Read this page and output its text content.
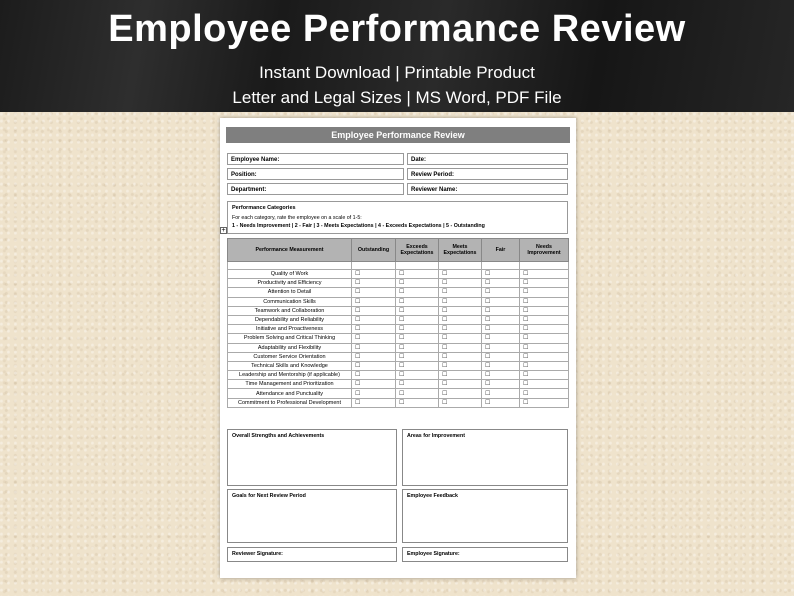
Employee Performance Review
Instant Download | Printable Product
Letter and Legal Sizes | MS Word, PDF File
Employee Performance Review
Employee Name:	Date:
Position:	Review Period:
Department:	Reviewer Name:
Performance Categories
For each category, rate the employee on a scale of 1-5:
1 - Needs Improvement | 2 - Fair | 3 - Meets Expectations | 4 - Exceeds Expectations | 5 - Outstanding
+
Performance Measurement	Outstanding	Exceeds Expectations	Meets Expectations	Fair	Needs Improvement

Quality of Work	☐	☐	☐	☐	☐
Productivity and Efficiency	☐	☐	☐	☐	☐
Attention to Detail	☐	☐	☐	☐	☐
Communication Skills	☐	☐	☐	☐	☐
Teamwork and Collaboration	☐	☐	☐	☐	☐
Dependability and Reliability	☐	☐	☐	☐	☐
Initiative and Proactiveness	☐	☐	☐	☐	☐
Problem Solving and Critical Thinking	☐	☐	☐	☐	☐
Adaptability and Flexibility	☐	☐	☐	☐	☐
Customer Service Orientation	☐	☐	☐	☐	☐
Technical Skills and Knowledge	☐	☐	☐	☐	☐
Leadership and Mentorship (if applicable)	☐	☐	☐	☐	☐
Time Management and Prioritization	☐	☐	☐	☐	☐
Attendance and Punctuality	☐	☐	☐	☐	☐
Commitment to Professional Development	☐	☐	☐	☐	☐
Overall Strengths and Achievements	Areas for Improvement
Goals for Next Review Period	Employee Feedback
Reviewer Signature:	Employee Signature:
